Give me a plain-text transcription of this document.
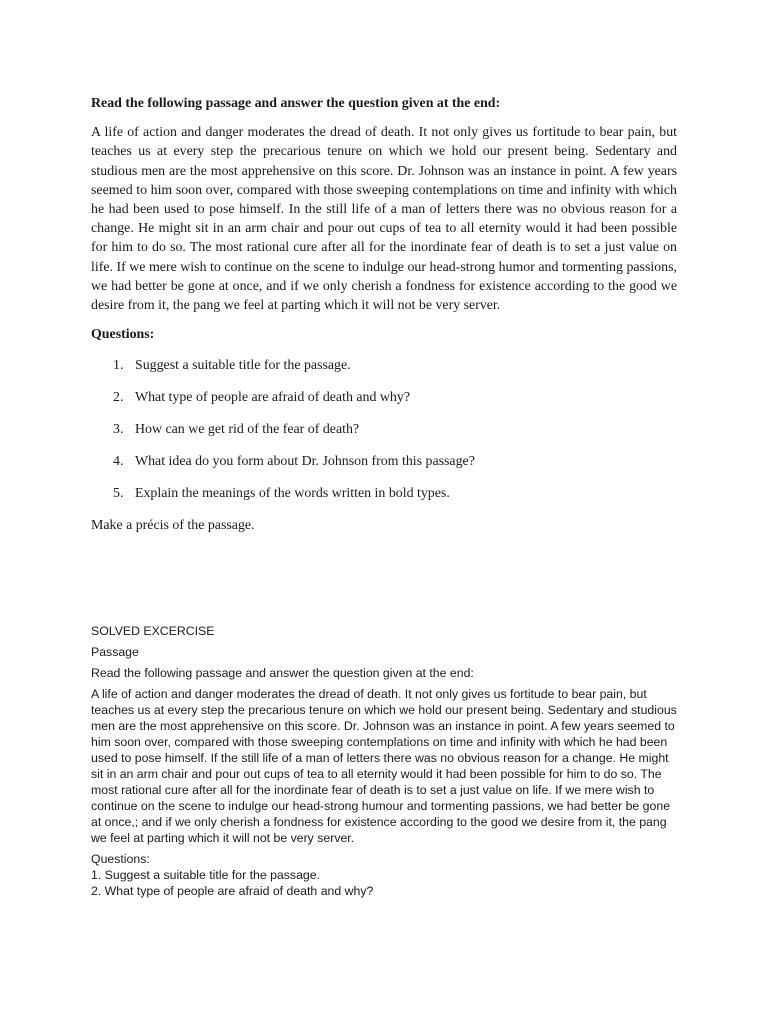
Read the following passage and answer the question given at the end:

A life of action and danger moderates the dread of death. It not only gives us fortitude to bear pain, but teaches us at every step the precarious tenure on which we hold our present being. Sedentary and studious men are the most apprehensive on this score. Dr. Johnson was an instance in point. A few years seemed to him soon over, compared with those sweeping contemplations on time and infinity with which he had been used to pose himself. In the still life of a man of letters there was no obvious reason for a change. He might sit in an arm chair and pour out cups of tea to all eternity would it had been possible for him to do so. The most rational cure after all for the inordinate fear of death is to set a just value on life. If we mere wish to continue on the scene to indulge our head-strong humor and tormenting passions, we had better be gone at once, and if we only cherish a fondness for existence according to the good we desire from it, the pang we feel at parting which it will not be very server.

Questions:

1. Suggest a suitable title for the passage.
2. What type of people are afraid of death and why?
3. How can we get rid of the fear of death?
4. What idea do you form about Dr. Johnson from this passage?
5. Explain the meanings of the words written in bold types.

Make a précis of the passage.

SOLVED EXCERCISE

Passage

Read the following passage and answer the question given at the end:

A life of action and danger moderates the dread of death. It not only gives us fortitude to bear pain, but teaches us at every step the precarious tenure on which we hold our present being. Sedentary and studious men are the most apprehensive on this score. Dr. Johnson was an instance in point. A few years seemed to him soon over, compared with those sweeping contemplations on time and infinity with which he had been used to pose himself. If the still life of a man of letters there was no obvious reason for a change. He might sit in an arm chair and pour out cups of tea to all eternity would it had been possible for him to do so. The most rational cure after all for the inordinate fear of death is to set a just value on life. If we mere wish to continue on the scene to indulge our head-strong humour and tormenting passions, we had better be gone at once,; and if we only cherish a fondness for existence according to the good we desire from it, the pang we feel at parting which it will not be very server.

Questions:
1. Suggest a suitable title for the passage.
2. What type of people are afraid of death and why?
